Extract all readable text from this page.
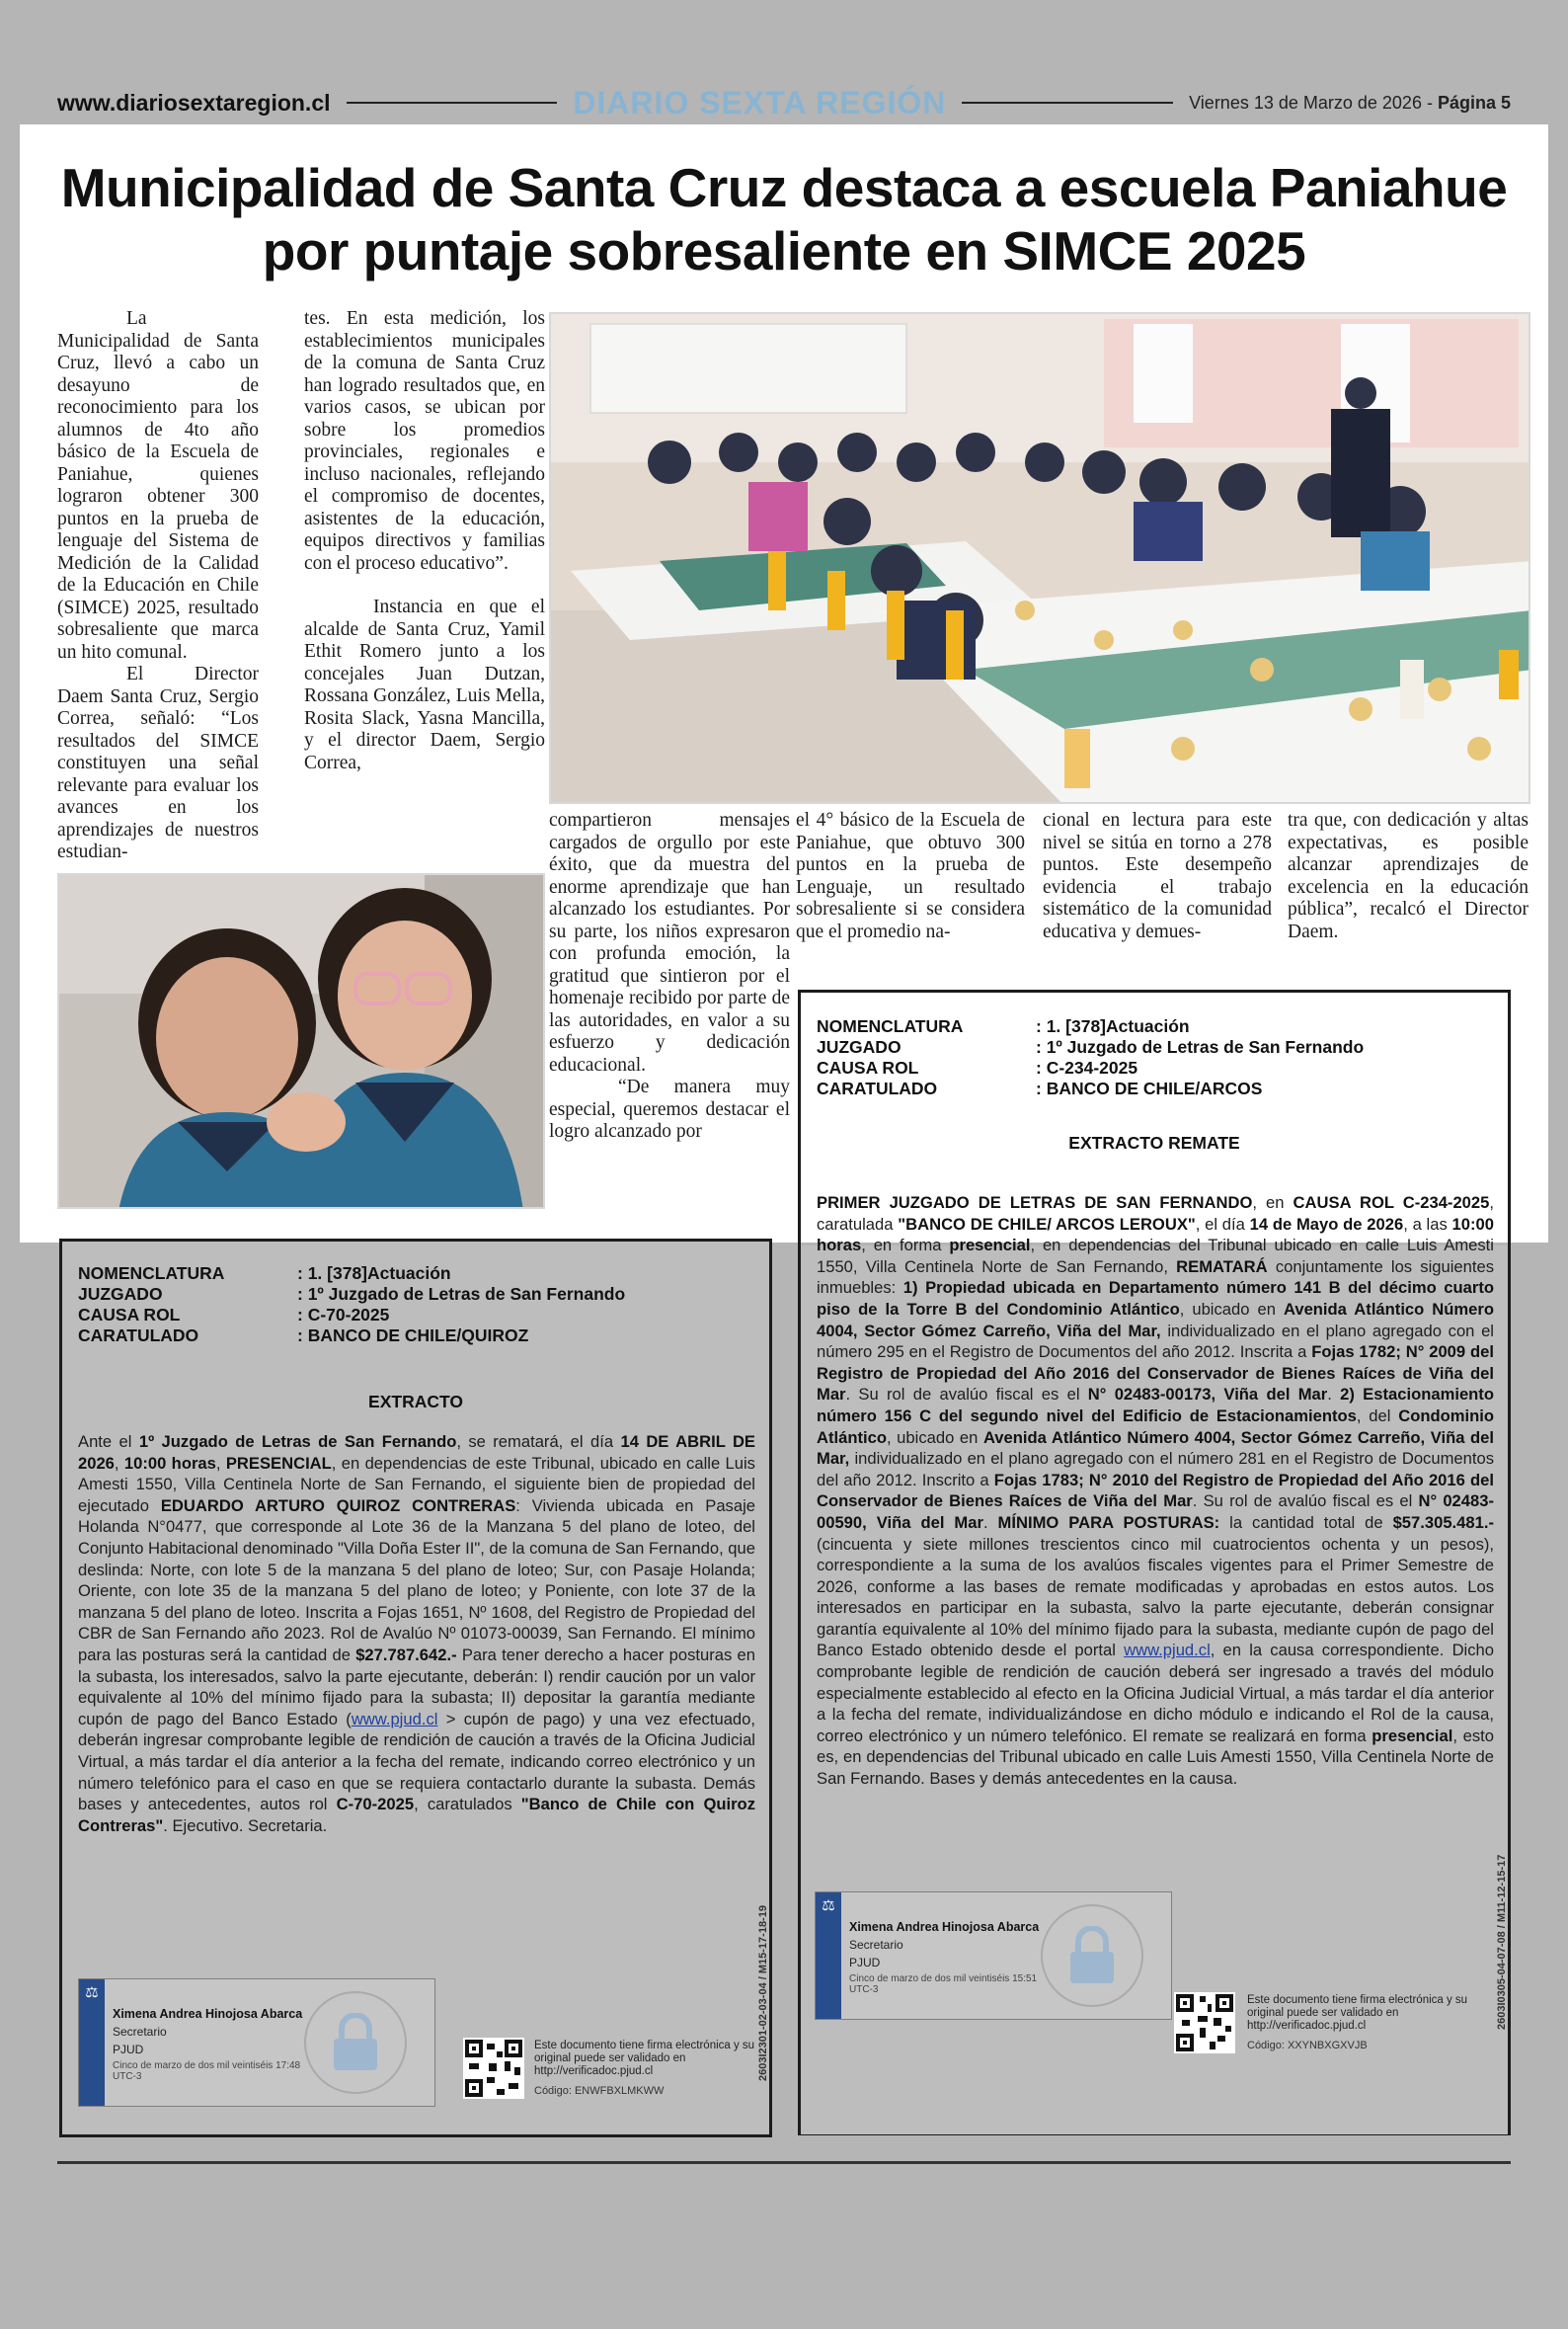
www.diariosextaregion.cl	DIARIO SEXTA REGIÓN	Viernes 13 de Marzo de 2026 - Página 5
Municipalidad de Santa Cruz destaca a escuela Paniahue por puntaje sobresaliente en SIMCE 2025

La Municipalidad de Santa Cruz, llevó a cabo un desayuno de reconocimiento para los alumnos de 4to año básico de la Escuela de Paniahue, quienes lograron obtener 300 puntos en la prueba de lenguaje del Sistema de Medición de la Calidad de la Educación en Chile (SIMCE) 2025, resultado sobresaliente que marca un hito comunal.

El Director Daem Santa Cruz, Sergio Correa, señaló: “Los resultados del SIMCE constituyen una señal relevante para evaluar los avances en los aprendizajes de nuestros estudian-

tes. En esta medición, los establecimientos municipales de la comuna de Santa Cruz han logrado resultados que, en varios casos, se ubican por sobre los promedios provinciales, regionales e incluso nacionales, reflejando el compromiso de docentes, asistentes de la educación, equipos directivos y familias con el proceso educativo”.

Instancia en que el alcalde de Santa Cruz, Yamil Ethit Romero junto a los concejales Juan Dutzan, Rossana González, Luis Mella, Rosita Slack, Yasna Mancilla, y el director Daem, Sergio Correa,

compartieron mensajes cargados de orgullo por este éxito, que da muestra del enorme aprendizaje que han alcanzado los estudiantes. Por su parte, los niños expresaron con profunda emoción, la gratitud que sintieron por el homenaje recibido por parte de las autoridades, en valor a su esfuerzo y dedicación educacional.

“De manera muy especial, queremos destacar el logro alcanzado por

el 4° básico de la Escuela de Paniahue, que obtuvo 300 puntos en la prueba de Lenguaje, un resultado sobresaliente si se considera que el promedio na-

cional en lectura para este nivel se sitúa en torno a 278 puntos. Este desempeño evidencia el trabajo sistemático de la comunidad educativa y demues-

tra que, con dedicación y altas expectativas, es posible alcanzar aprendizajes de excelencia en la educación pública”, recalcó el Director Daem.

NOMENCLATURA	: 1. [378]Actuación
JUZGADO	: 1º Juzgado de Letras de San Fernando
CAUSA ROL	: C-234-2025
CARATULADO	: BANCO DE CHILE/ARCOS
EXTRACTO REMATE
PRIMER JUZGADO DE LETRAS DE SAN FERNANDO, en CAUSA ROL C-234-2025, caratulada "BANCO DE CHILE/ ARCOS LEROUX", el día 14 de Mayo de 2026, a las 10:00 horas, en forma presencial, en dependencias del Tribunal ubicado en calle Luis Amesti 1550, Villa Centinela Norte de San Fernando, REMATARÁ conjuntamente los siguientes inmuebles: 1) Propiedad ubicada en Departamento número 141 B del décimo cuarto piso de la Torre B del Condominio Atlántico, ubicado en Avenida Atlántico Número 4004, Sector Gómez Carreño, Viña del Mar, individualizado en el plano agregado con el número 295 en el Registro de Documentos del año 2012. Inscrita a Fojas 1782; N° 2009 del Registro de Propiedad del Año 2016 del Conservador de Bienes Raíces de Viña del Mar. Su rol de avalúo fiscal es el N° 02483-00173, Viña del Mar. 2) Estacionamiento número 156 C del segundo nivel del Edificio de Estacionamientos, del Condominio Atlántico, ubicado en Avenida Atlántico Número 4004, Sector Gómez Carreño, Viña del Mar, individualizado en el plano agregado con el número 281 en el Registro de Documentos del año 2012. Inscrito a Fojas 1783; N° 2010 del Registro de Propiedad del Año 2016 del Conservador de Bienes Raíces de Viña del Mar. Su rol de avalúo fiscal es el N° 02483-00590, Viña del Mar. MÍNIMO PARA POSTURAS: la cantidad total de $57.305.481.- (cincuenta y siete millones trescientos cinco mil cuatrocientos ochenta y un pesos), correspondiente a la suma de los avalúos fiscales vigentes para el Primer Semestre de 2026, conforme a las bases de remate modificadas y aprobadas en estos autos. Los interesados en participar en la subasta, salvo la parte ejecutante, deberán consignar garantía equivalente al 10% del mínimo fijado para la subasta, mediante cupón de pago del Banco Estado obtenido desde el portal www.pjud.cl, en la causa correspondiente. Dicho comprobante legible de rendición de caución deberá ser ingresado a través del módulo especialmente establecido al efecto en la Oficina Judicial Virtual, a más tardar el día anterior a la fecha del remate, individualizándose en dicho módulo e indicando el Rol de la causa, correo electrónico y un número telefónico. El remate se realizará en forma presencial, esto es, en dependencias del Tribunal ubicado en calle Luis Amesti 1550, Villa Centinela Norte de San Fernando. Bases y demás antecedentes en la causa.
⚖
Ximena Andrea Hinojosa Abarca
Secretario
PJUD
Cinco de marzo de dos mil veintiséis 15:51 UTC-3
Este documento tiene firma electrónica y su original puede ser validado en http://verificadoc.pjud.cl
Código: XXYNBXGXVJB
2603I0305-04-07-08 / M11-12-15-17
NOMENCLATURA	: 1. [378]Actuación
JUZGADO	: 1º Juzgado de Letras de San Fernando
CAUSA ROL	: C-70-2025
CARATULADO	: BANCO DE CHILE/QUIROZ
EXTRACTO
Ante el 1º Juzgado de Letras de San Fernando, se rematará, el día 14 DE ABRIL DE 2026, 10:00 horas, PRESENCIAL, en dependencias de este Tribunal, ubicado en calle Luis Amesti 1550, Villa Centinela Norte de San Fernando, el siguiente bien de propiedad del ejecutado EDUARDO ARTURO QUIROZ CONTRERAS: Vivienda ubicada en Pasaje Holanda N°0477, que corresponde al Lote 36 de la Manzana 5 del plano de loteo, del Conjunto Habitacional denominado "Villa Doña Ester II", de la comuna de San Fernando, que deslinda: Norte, con lote 5 de la manzana 5 del plano de loteo; Sur, con Pasaje Holanda; Oriente, con lote 35 de la manzana 5 del plano de loteo; y Poniente, con lote 37 de la manzana 5 del plano de loteo. Inscrita a Fojas 1651, Nº 1608, del Registro de Propiedad del CBR de San Fernando año 2023. Rol de Avalúo Nº 01073-00039, San Fernando. El mínimo para las posturas será la cantidad de $27.787.642.- Para tener derecho a hacer posturas en la subasta, los interesados, salvo la parte ejecutante, deberán: I) rendir caución por un valor equivalente al 10% del mínimo fijado para la subasta; II) depositar la garantía mediante cupón de pago del Banco Estado (www.pjud.cl > cupón de pago) y una vez efectuado, deberán ingresar comprobante legible de rendición de caución a través de la Oficina Judicial Virtual, a más tardar el día anterior a la fecha del remate, indicando correo electrónico y un número telefónico para el caso en que se requiera contactarlo durante la subasta. Demás bases y antecedentes, autos rol C-70-2025, caratulados "Banco de Chile con Quiroz Contreras". Ejecutivo. Secretaria.
⚖
Ximena Andrea Hinojosa Abarca
Secretario
PJUD
Cinco de marzo de dos mil veintiséis 17:48 UTC-3
Este documento tiene firma electrónica y su original puede ser validado en http://verificadoc.pjud.cl
Código: ENWFBXLMKWW
2603I2301-02-03-04 / M15-17-18-19
